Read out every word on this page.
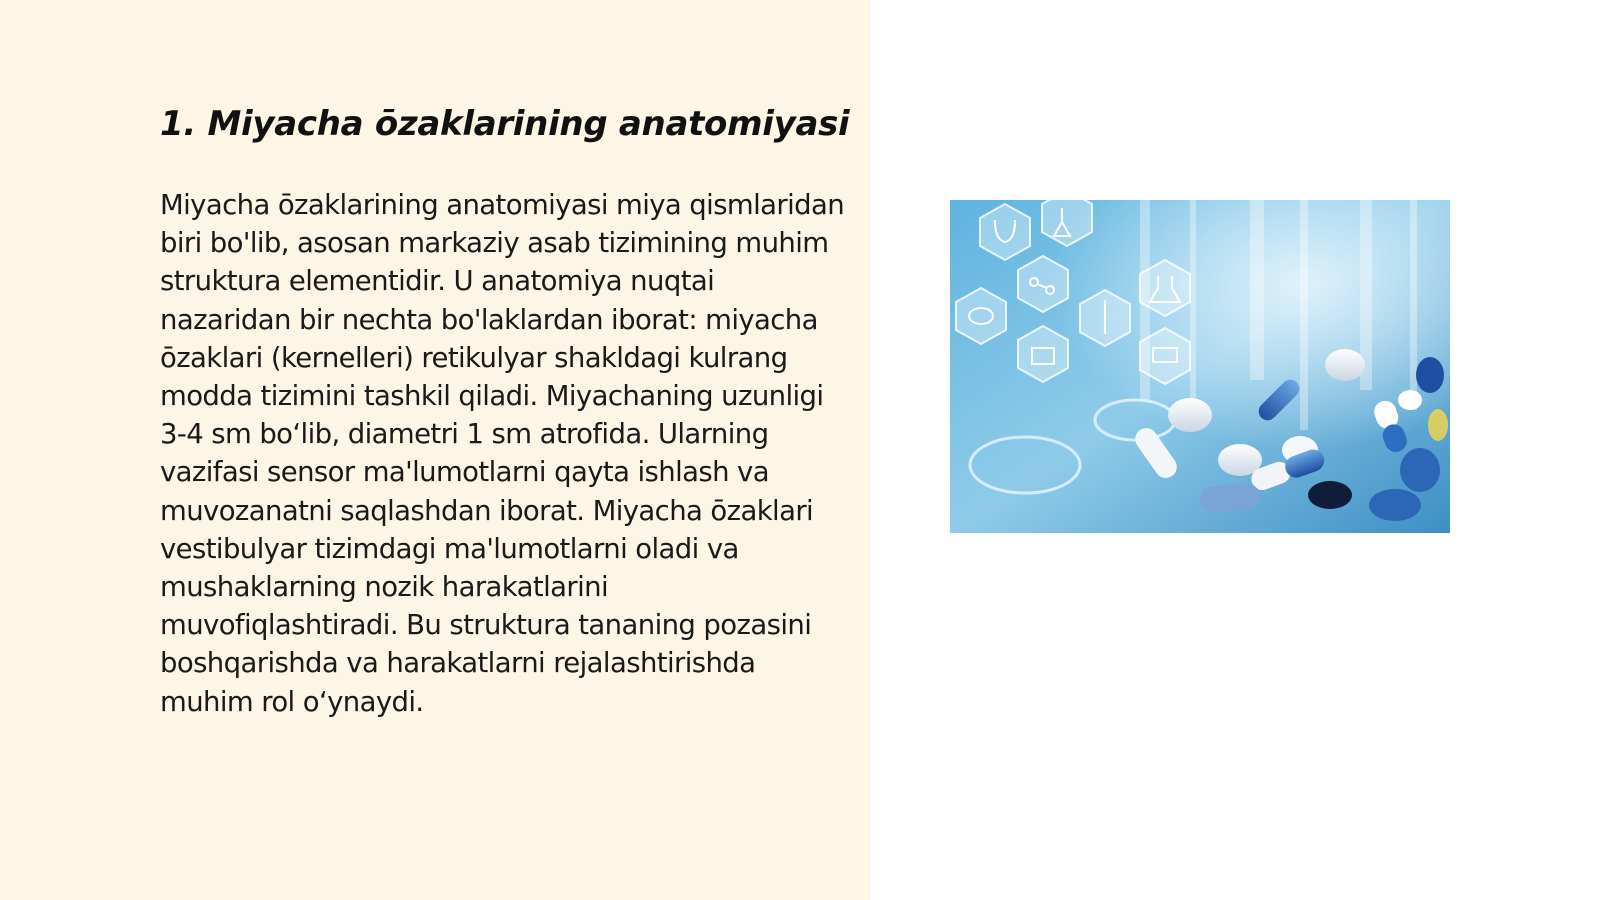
1. Miyacha ōzaklarining anatomiyasi

Miyacha ōzaklarining anatomiyasi miya qismlaridan biri bo'lib, asosan markaziy asab tizimining muhim struktura elementidir. U anatomiya nuqtai nazaridan bir nechta bo'laklardan iborat: miyacha ōzaklari (kernelleri) retikulyar shakldagi kulrang modda tizimini tashkil qiladi. Miyachaning uzunligi 3-4 sm bo‘lib, diametri 1 sm atrofida. Ularning vazifasi sensor ma'lumotlarni qayta ishlash va muvozanatni saqlashdan iborat. Miyacha ōzaklari vestibulyar tizimdagi ma'lumotlarni oladi va mushaklarning nozik harakatlarini muvofiqlashtiradi. Bu struktura tananing pozasini boshqarishda va harakatlarni rejalashtirishda muhim rol o‘ynaydi.
